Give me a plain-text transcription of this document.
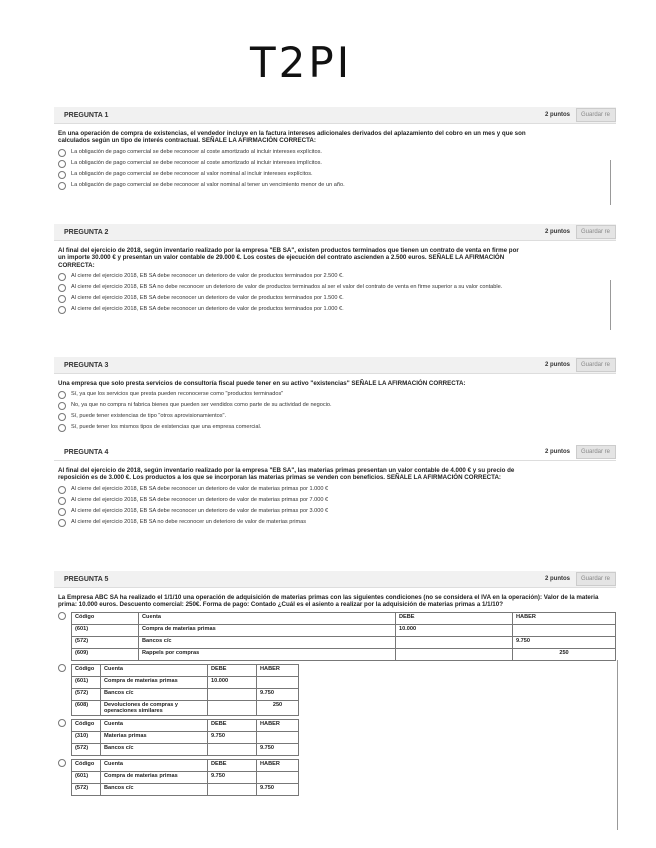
T2PI
PREGUNTA 1	2 puntos	Guardar re
En una operación de compra de existencias, el vendedor incluye en la factura intereses adicionales derivados del aplazamiento del cobro en un mes y que son calculados según un tipo de interés contractual. SEÑALE LA AFIRMACIÓN CORRECTA:
La obligación de pago comercial se debe reconocer al coste amortizado al incluir intereses explícitos.
La obligación de pago comercial se debe reconocer al coste amortizado al incluir intereses implícitos.
La obligación de pago comercial se debe reconocer al valor nominal al incluir intereses explícitos.
La obligación de pago comercial se debe reconocer al valor nominal al tener un vencimiento menor de un año.
PREGUNTA 2	2 puntos	Guardar re
Al final del ejercicio de 2018, según inventario realizado por la empresa "EB SA", existen productos terminados que tienen un contrato de venta en firme por un importe 30.000 € y presentan un valor contable de 29.000 €. Los costes de ejecución del contrato ascienden a 2.500 euros. SEÑALE LA AFIRMACIÓN CORRECTA:
Al cierre del ejercicio 2018, EB SA debe reconocer un deterioro de valor de productos terminados por 2.500 €.
Al cierre del ejercicio 2018, EB SA no debe reconocer un deterioro de valor de productos terminados al ser el valor del contrato de venta en firme superior a su valor contable.
Al cierre del ejercicio 2018, EB SA debe reconocer un deterioro de valor de productos terminados por 1.500 €.
Al cierre del ejercicio 2018, EB SA debe reconocer un deterioro de valor de productos terminados por 1.000 €.
PREGUNTA 3	2 puntos	Guardar re
Una empresa que solo presta servicios de consultoría fiscal puede tener en su activo "existencias" SEÑALE LA AFIRMACIÓN CORRECTA:
Sí, ya que los servicios que presta pueden reconocerse como "productos terminados"
No, ya que no compra ni fabrica bienes que pueden ser vendidos como parte de su actividad de negocio.
Sí, puede tener existencias de tipo "otros aprovisionamientos".
Sí, puede tener los mismos tipos de existencias que una empresa comercial.
PREGUNTA 4	2 puntos	Guardar re
Al final del ejercicio de 2018, según inventario realizado por la empresa "EB SA", las materias primas presentan un valor contable de 4.000 € y su precio de reposición es de 3.000 €. Los productos a los que se incorporan las materias primas se venden con beneficios. SEÑALE LA AFIRMACIÓN CORRECTA:
Al cierre del ejercicio 2018, EB SA debe reconocer un deterioro de valor de materias primas por 1.000 €
Al cierre del ejercicio 2018, EB SA debe reconocer un deterioro de valor de materias primas por 7.000 €
Al cierre del ejercicio 2018, EB SA debe reconocer un deterioro de valor de materias primas por 3.000 €
Al cierre del ejercicio 2018, EB SA no debe reconocer un deterioro de valor de materias primas
PREGUNTA 5	2 puntos	Guardar re
La Empresa ABC SA ha realizado el 1/1/10 una operación de adquisición de materias primas con las siguientes condiciones (no se considera el IVA en la operación): Valor de la materia prima: 10.000 euros. Descuento comercial: 250€. Forma de pago: Contado ¿Cuál es el asiento a realizar por la adquisición de materias primas a 1/1/10?
Código	Cuenta	DEBE	HABER
(601)	Compra de materias primas	10.000	
(572)	Bancos c/c		9.750
(609)	Rappels por compras		250
Código	Cuenta	DEBE	HABER
(601)	Compra de materias primas	10.000	
(572)	Bancos c/c		9.750
(608)	Devoluciones de compras y operaciones similares		250
Código	Cuenta	DEBE	HABER
(310)	Materias primas	9.750	
(572)	Bancos c/c		9.750
Código	Cuenta	DEBE	HABER
(601)	Compra de materias primas	9.750	
(572)	Bancos c/c		9.750
